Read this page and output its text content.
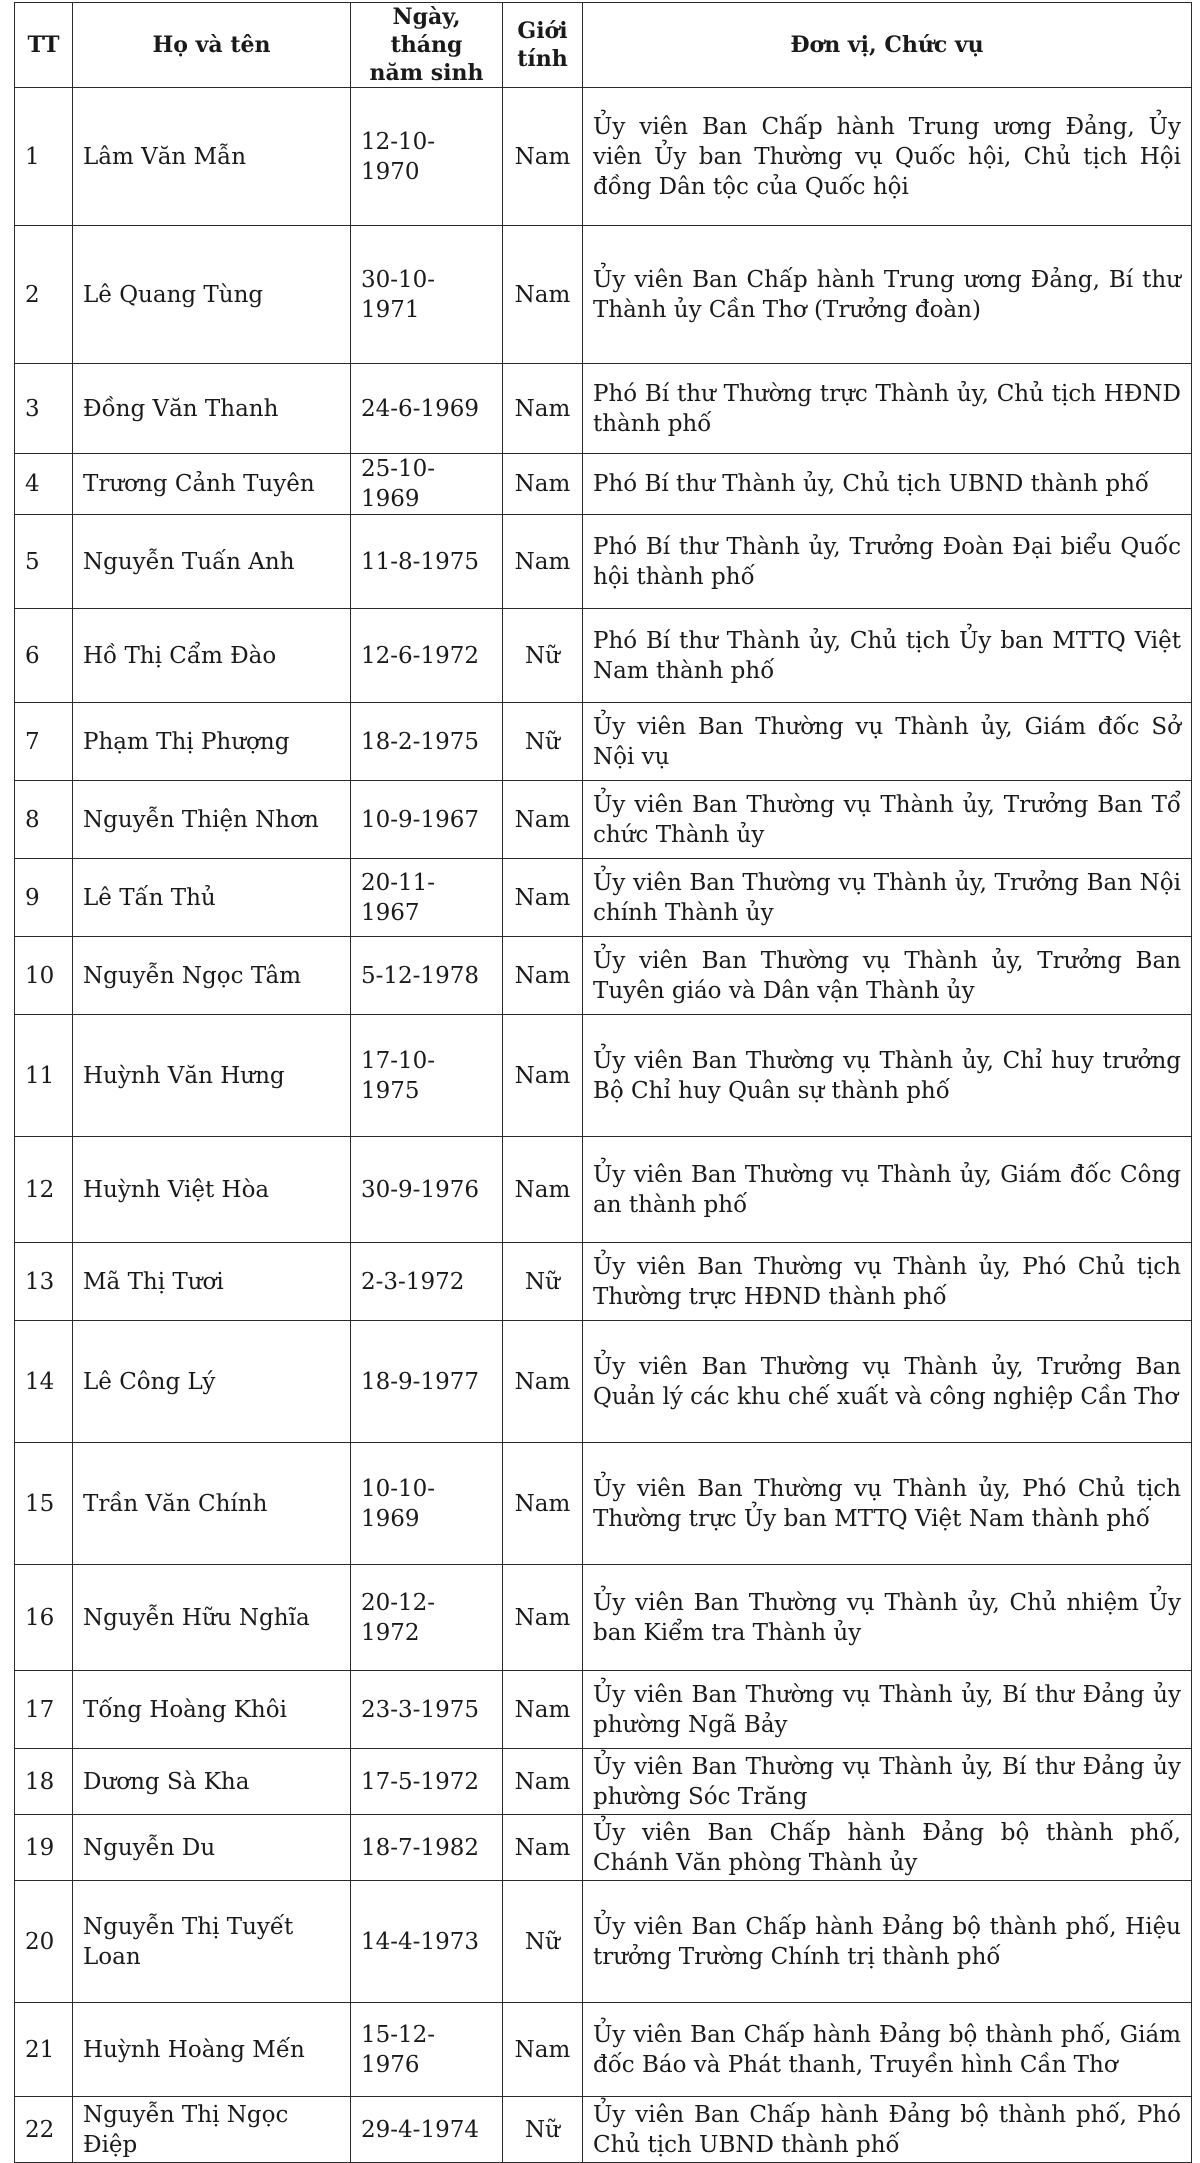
TT	Họ và tên	Ngày, tháng năm sinh	Giới tính	Đơn vị, Chức vụ
1	Lâm Văn Mẫn	12-10-1970	Nam	Ủy viên Ban Chấp hành Trung ương Đảng, Ủy viên Ủy ban Thường vụ Quốc hội, Chủ tịch Hội đồng Dân tộc của Quốc hội
2	Lê Quang Tùng	30-10-1971	Nam	Ủy viên Ban Chấp hành Trung ương Đảng, Bí thư Thành ủy Cần Thơ (Trưởng đoàn)
3	Đồng Văn Thanh	24-6-1969	Nam	Phó Bí thư Thường trực Thành ủy, Chủ tịch HĐND thành phố
4	Trương Cảnh Tuyên	25-10-1969	Nam	Phó Bí thư Thành ủy, Chủ tịch UBND thành phố
5	Nguyễn Tuấn Anh	11-8-1975	Nam	Phó Bí thư Thành ủy, Trưởng Đoàn Đại biểu Quốc hội thành phố
6	Hồ Thị Cẩm Đào	12-6-1972	Nữ	Phó Bí thư Thành ủy, Chủ tịch Ủy ban MTTQ Việt Nam thành phố
7	Phạm Thị Phượng	18-2-1975	Nữ	Ủy viên Ban Thường vụ Thành ủy, Giám đốc Sở Nội vụ
8	Nguyễn Thiện Nhơn	10-9-1967	Nam	Ủy viên Ban Thường vụ Thành ủy, Trưởng Ban Tổ chức Thành ủy
9	Lê Tấn Thủ	20-11-1967	Nam	Ủy viên Ban Thường vụ Thành ủy, Trưởng Ban Nội chính Thành ủy
10	Nguyễn Ngọc Tâm	5-12-1978	Nam	Ủy viên Ban Thường vụ Thành ủy, Trưởng Ban Tuyên giáo và Dân vận Thành ủy
11	Huỳnh Văn Hưng	17-10-1975	Nam	Ủy viên Ban Thường vụ Thành ủy, Chỉ huy trưởng Bộ Chỉ huy Quân sự thành phố
12	Huỳnh Việt Hòa	30-9-1976	Nam	Ủy viên Ban Thường vụ Thành ủy, Giám đốc Công an thành phố
13	Mã Thị Tươi	2-3-1972	Nữ	Ủy viên Ban Thường vụ Thành ủy, Phó Chủ tịch Thường trực HĐND thành phố
14	Lê Công Lý	18-9-1977	Nam	Ủy viên Ban Thường vụ Thành ủy, Trưởng Ban Quản lý các khu chế xuất và công nghiệp Cần Thơ
15	Trần Văn Chính	10-10-1969	Nam	Ủy viên Ban Thường vụ Thành ủy, Phó Chủ tịch Thường trực Ủy ban MTTQ Việt Nam thành phố
16	Nguyễn Hữu Nghĩa	20-12-1972	Nam	Ủy viên Ban Thường vụ Thành ủy, Chủ nhiệm Ủy ban Kiểm tra Thành ủy
17	Tống Hoàng Khôi	23-3-1975	Nam	Ủy viên Ban Thường vụ Thành ủy, Bí thư Đảng ủy phường Ngã Bảy
18	Dương Sà Kha	17-5-1972	Nam	Ủy viên Ban Thường vụ Thành ủy, Bí thư Đảng ủy phường Sóc Trăng
19	Nguyễn Du	18-7-1982	Nam	Ủy viên Ban Chấp hành Đảng bộ thành phố, Chánh Văn phòng Thành ủy
20	Nguyễn Thị Tuyết Loan	14-4-1973	Nữ	Ủy viên Ban Chấp hành Đảng bộ thành phố, Hiệu trưởng Trường Chính trị thành phố
21	Huỳnh Hoàng Mến	15-12-1976	Nam	Ủy viên Ban Chấp hành Đảng bộ thành phố, Giám đốc Báo và Phát thanh, Truyền hình Cần Thơ
22	Nguyễn Thị Ngọc Điệp	29-4-1974	Nữ	Ủy viên Ban Chấp hành Đảng bộ thành phố, Phó Chủ tịch UBND thành phố
